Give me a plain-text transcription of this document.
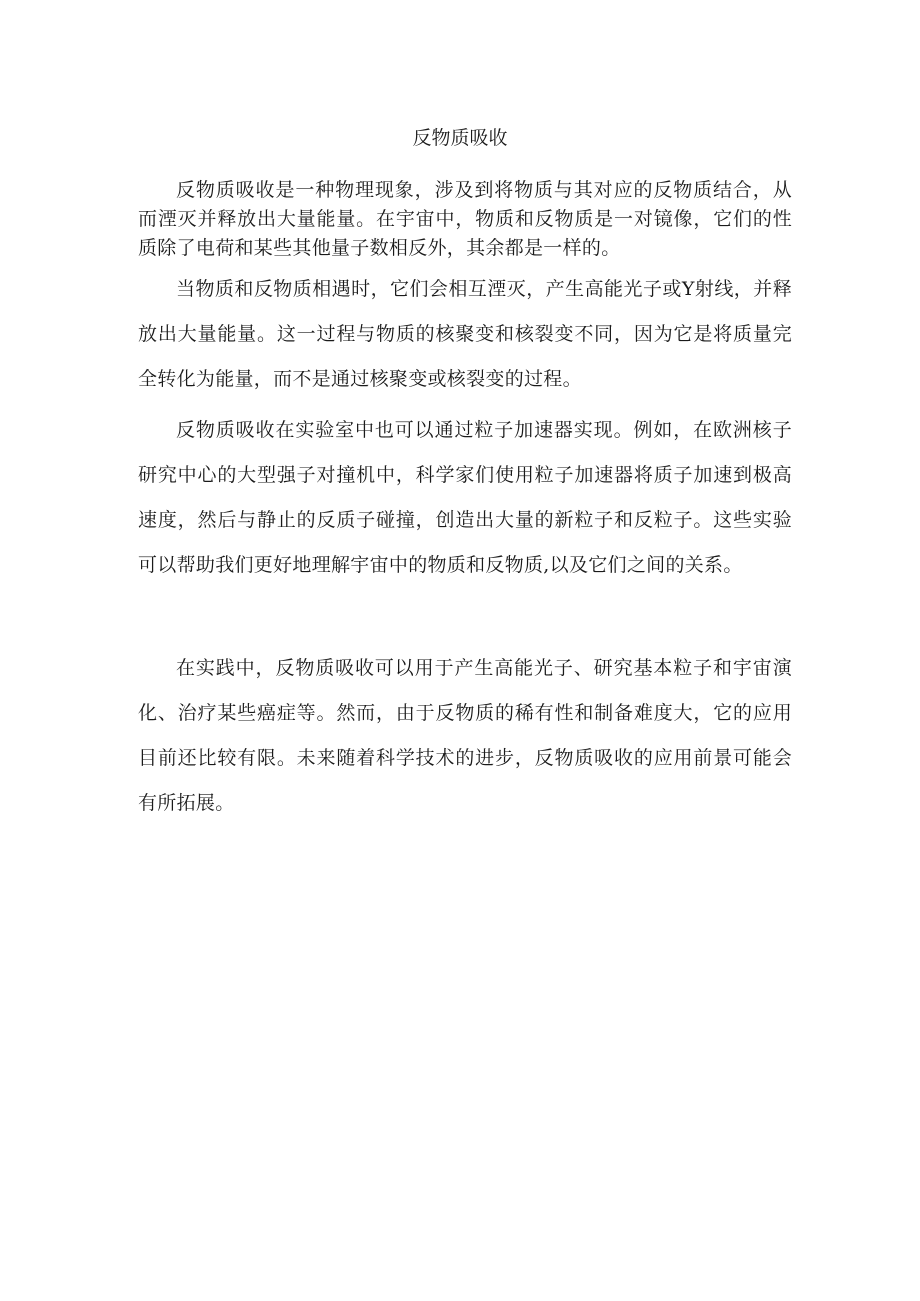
反物质吸收

反物质吸收是一种物理现象，涉及到将物质与其对应的反物质结合，从而湮灭并释放出大量能量。在宇宙中，物质和反物质是一对镜像，它们的性质除了电荷和某些其他量子数相反外，其余都是一样的。

当物质和反物质相遇时，它们会相互湮灭，产生高能光子或Y射线，并释放出大量能量。这一过程与物质的核聚变和核裂变不同，因为它是将质量完全转化为能量，而不是通过核聚变或核裂变的过程。

反物质吸收在实验室中也可以通过粒子加速器实现。例如，在欧洲核子研究中心的大型强子对撞机中，科学家们使用粒子加速器将质子加速到极高速度，然后与静止的反质子碰撞，创造出大量的新粒子和反粒子。这些实验可以帮助我们更好地理解宇宙中的物质和反物质,以及它们之间的关系。

在实践中，反物质吸收可以用于产生高能光子、研究基本粒子和宇宙演化、治疗某些癌症等。然而，由于反物质的稀有性和制备难度大，它的应用目前还比较有限。未来随着科学技术的进步，反物质吸收的应用前景可能会有所拓展。
